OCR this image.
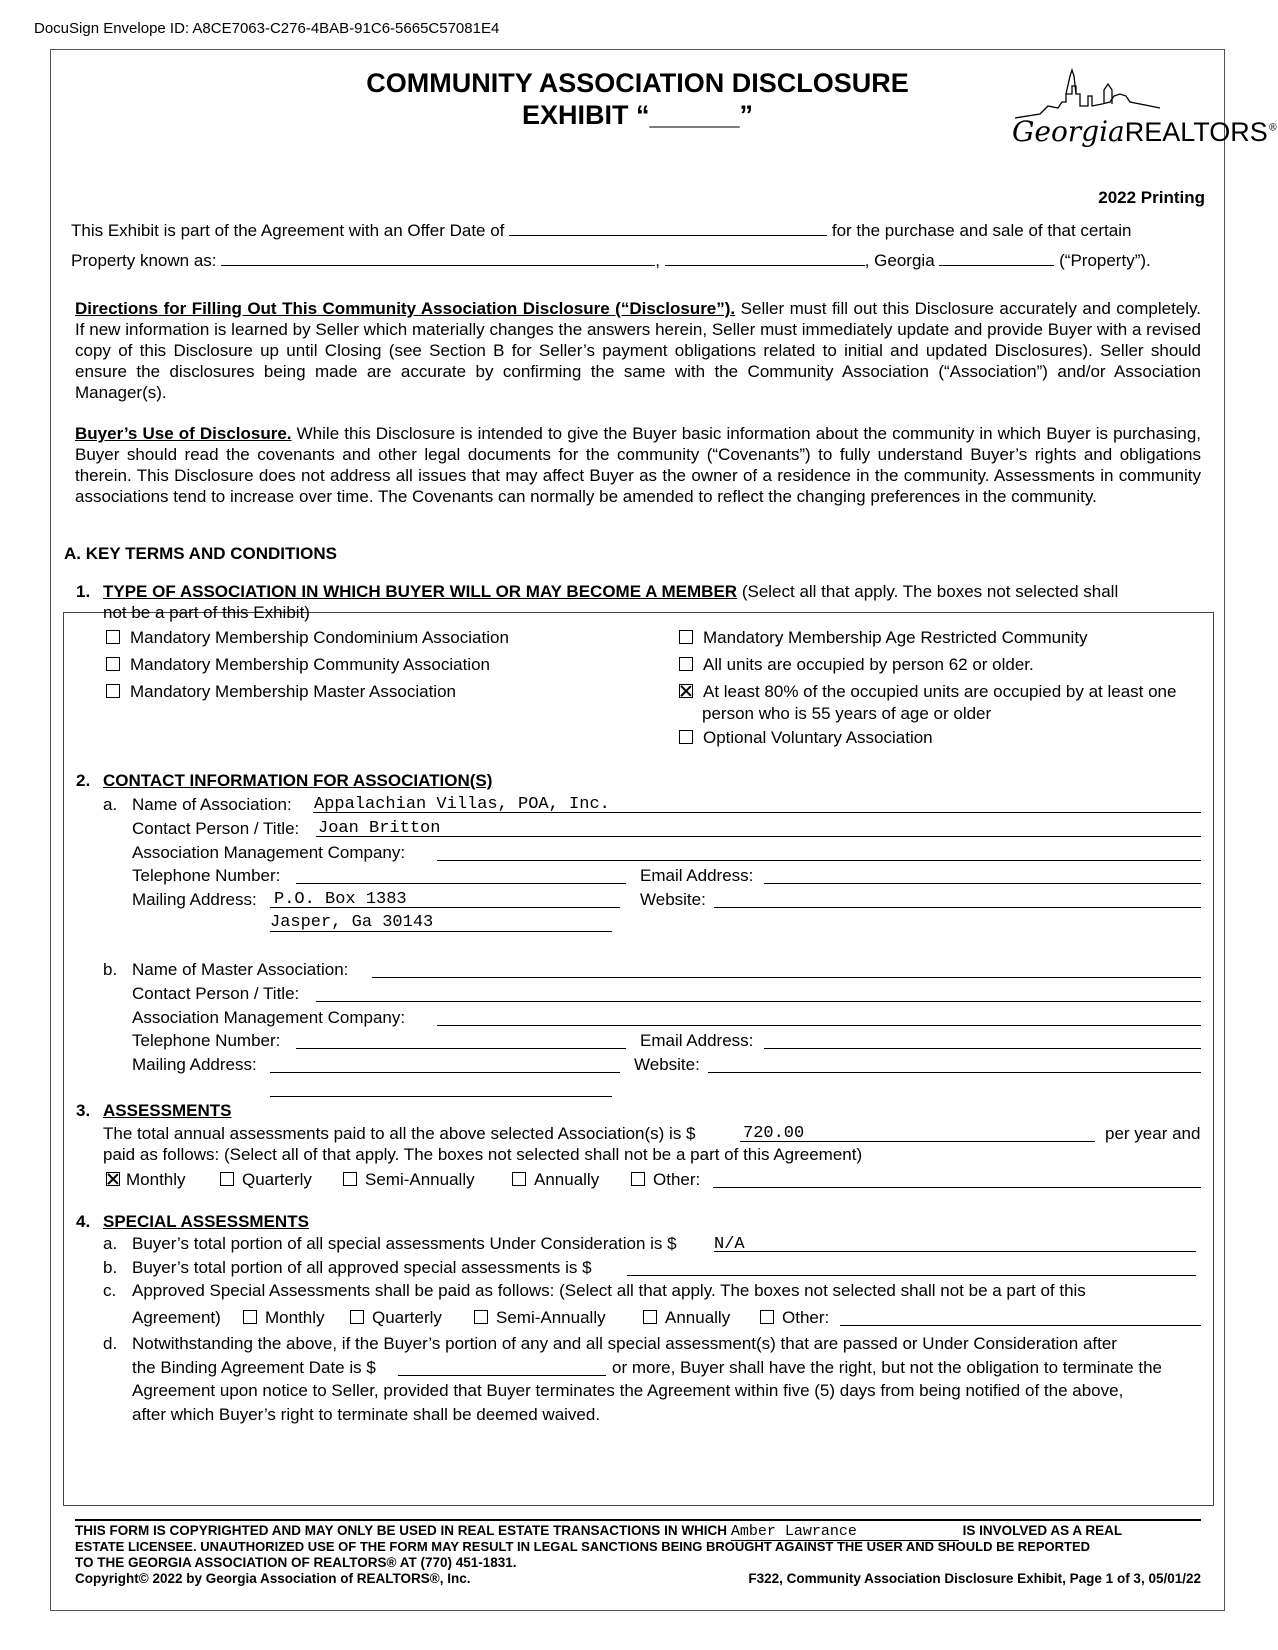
DocuSign Envelope ID: A8CE7063-C276-4BAB-91C6-5665C57081E4
COMMUNITY ASSOCIATION DISCLOSURE
EXHIBIT “______”	GeorgiaREALTORS®
2022 Printing
This Exhibit is part of the Agreement with an Offer Date of	for the purchase and sale of that certain
Property known as:	,	, Georgia	(“Property”).
Directions for Filling Out This Community Association Disclosure (“Disclosure”). Seller must fill out this Disclosure accurately and completely. If new information is learned by Seller which materially changes the answers herein, Seller must immediately update and provide Buyer with a revised copy of this Disclosure up until Closing (see Section B for Seller’s payment obligations related to initial and updated Disclosures). Seller should ensure the disclosures being made are accurate by confirming the same with the Community Association (“Association”) and/or Association Manager(s).
Buyer’s Use of Disclosure. While this Disclosure is intended to give the Buyer basic information about the community in which Buyer is purchasing, Buyer should read the covenants and other legal documents for the community (“Covenants”) to fully understand Buyer’s rights and obligations therein. This Disclosure does not address all issues that may affect Buyer as the owner of a residence in the community. Assessments in community associations tend to increase over time. The Covenants can normally be amended to reflect the changing preferences in the community.
A. KEY TERMS AND CONDITIONS
1. TYPE OF ASSOCIATION IN WHICH BUYER WILL OR MAY BECOME A MEMBER (Select all that apply. The boxes not selected shall
not be a part of this Exhibit)
Mandatory Membership Condominium Association
Mandatory Membership Community Association
Mandatory Membership Master Association
Mandatory Membership Age Restricted Community
All units are occupied by person 62 or older.
At least 80% of the occupied units are occupied by at least one
person who is 55 years of age or older
Optional Voluntary Association
2. CONTACT INFORMATION FOR ASSOCIATION(S)
a. Name of Association: Appalachian Villas, POA, Inc.
Contact Person / Title: Joan Britton
Association Management Company:
Telephone Number:	Email Address:
Mailing Address: P.O. Box 1383	Website:
Jasper, Ga 30143
b. Name of Master Association:
Contact Person / Title:
Association Management Company:
Telephone Number:	Email Address:
Mailing Address:	Website:
3. ASSESSMENTS
The total annual assessments paid to all the above selected Association(s) is $	720.00	per year and
paid as follows: (Select all of that apply. The boxes not selected shall not be a part of this Agreement)
Monthly	Quarterly	Semi-Annually	Annually	Other:
4. SPECIAL ASSESSMENTS
a. Buyer’s total portion of all special assessments Under Consideration is $ N/A
b. Buyer’s total portion of all approved special assessments is $
c. Approved Special Assessments shall be paid as follows: (Select all that apply. The boxes not selected shall not be a part of this
Agreement)	Monthly	Quarterly	Semi-Annually	Annually	Other:
d. Notwithstanding the above, if the Buyer’s portion of any and all special assessment(s) that are passed or Under Consideration after
the Binding Agreement Date is $	or more, Buyer shall have the right, but not the obligation to terminate the
Agreement upon notice to Seller, provided that Buyer terminates the Agreement within five (5) days from being notified of the above,
after which Buyer’s right to terminate shall be deemed waived.
THIS FORM IS COPYRIGHTED AND MAY ONLY BE USED IN REAL ESTATE TRANSACTIONS IN WHICH Amber Lawrance	IS INVOLVED AS A REAL
ESTATE LICENSEE. UNAUTHORIZED USE OF THE FORM MAY RESULT IN LEGAL SANCTIONS BEING BROUGHT AGAINST THE USER AND SHOULD BE REPORTED
TO THE GEORGIA ASSOCIATION OF REALTORS® AT (770) 451-1831.
Copyright© 2022 by Georgia Association of REALTORS®, Inc.	F322, Community Association Disclosure Exhibit, Page 1 of 3, 05/01/22
